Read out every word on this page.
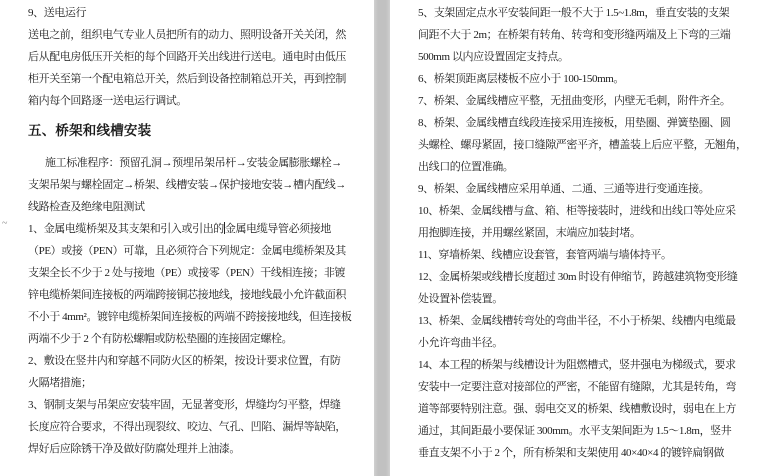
9、送电运行
送电之前，组织电气专业人员把所有的动力、照明设备开关关闭，然
后从配电房低压开关柜的每个回路开关出线进行送电。通电时由低压
柜开关至第一个配电箱总开关，然后到设备控制箱总开关，再到控制
箱内每个回路逐一送电运行调试。
五、桥架和线槽安装
施工标准程序：预留孔洞→预埋吊架吊杆→安装金属膨胀螺栓→
支架吊架与螺栓固定→桥架、线槽安装→保护接地安装→槽内配线→
线路检查及绝缘电阻测试
1、金属电缆桥架及其支架和引入或引出的金属电缆导管必须接地
（PE）或接（PEN）可靠，且必须符合下列规定：金属电缆桥架及其
支架全长不少于 2 处与接地（PE）或接零（PEN）干线相连接；非镀
锌电缆桥架间连接板的两端跨接铜芯接地线，接地线最小允许截面积
不小于 4mm²。镀锌电缆桥架间连接板的两端不跨接接地线，但连接板
两端不少于 2 个有防松螺帽或防松垫圈的连接固定螺栓。
2、敷设在竖井内和穿越不同防火区的桥架，按设计要求位置，有防
火隔堵措施；
3、钢制支架与吊架应安装牢固，无显著变形，焊缝均匀平整，焊缝
长度应符合要求，不得出现裂纹、咬边、气孔、凹陷、漏焊等缺陷，
焊好后应除锈干净及做好防腐处理并上油漆。
~
5、支架固定点水平安装间距一般不大于 1.5~1.8m，垂直安装的支架
间距不大于 2m；在桥架有转角、转弯和变形缝两端及上下弯的三端
500mm 以内应设置固定支持点。
6、桥架顶距离层楼板不应小于 100-150mm。
7、桥架、金属线槽应平整，无扭曲变形，内壁无毛刺，附件齐全。
8、桥架、金属线槽直线段连接采用连接板，用垫圈、弹簧垫圈、圆
头螺栓、螺母紧固，接口缝隙严密平齐，槽盖装上后应平整，无翘角，
出线口的位置准确。
9、桥架、金属线槽应采用单通、二通、三通等进行变通连接。
10、桥架、金属线槽与盒、箱、柜等接装时，进线和出线口等处应采
用抱脚连接，并用螺丝紧固，末端应加装封堵。
11、穿墙桥架、线槽应设套管，套管两端与墙体持平。
12、金属桥架或线槽长度超过 30m 时设有伸缩节，跨越建筑物变形缝
处设置补偿装置。
13、桥架、金属线槽转弯处的弯曲半径，不小于桥架、线槽内电缆最
小允许弯曲半径。
14、本工程的桥架与线槽设计为阻燃槽式，竖井强电为梯级式，要求
安装中一定要注意对接部位的严密，不能留有缝隙，尤其是转角，弯
道等部要特别注意。强、弱电交叉的桥架、线槽敷设时，弱电在上方
通过，其间距最小要保证 300mm。水平支架间距为 1.5～1.8m，竖井
垂直支架不小于 2 个，所有桥架和支架使用 40×40×4 的镀锌扁钢做
